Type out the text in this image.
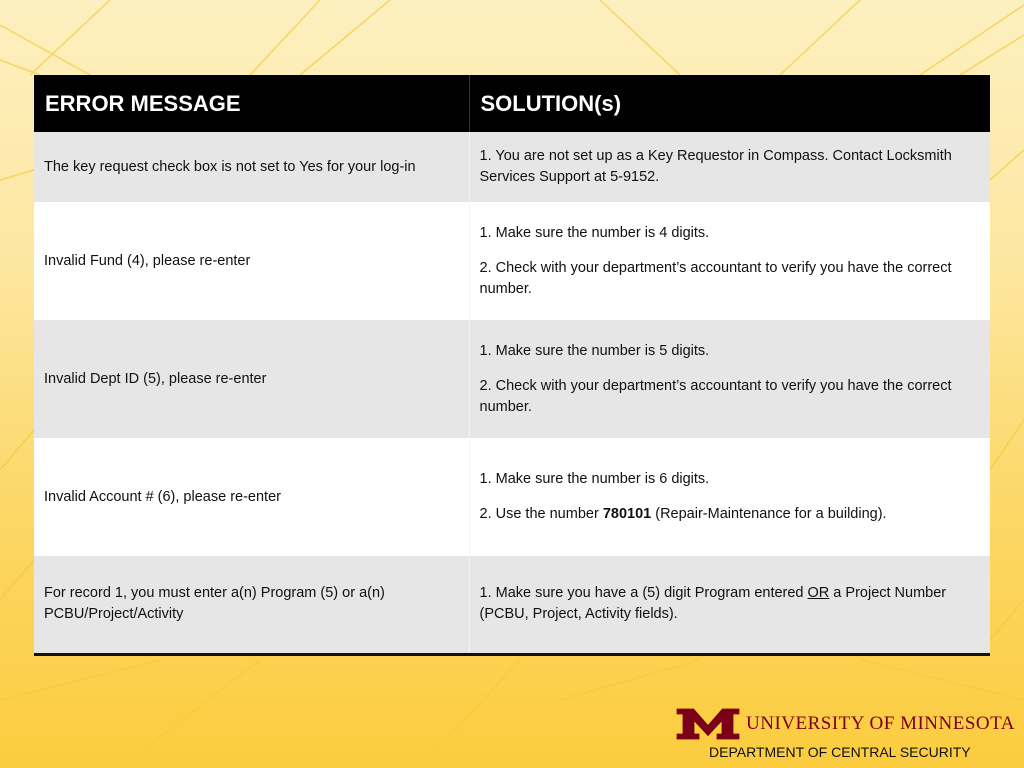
ERROR MESSAGE	SOLUTION(s)
The key request check box is not set to Yes for your log-in	1. You are not set up as a Key Requestor in Compass. Contact Locksmith Services Support at 5-9152.

Invalid Fund (4), please re-enter	1. Make sure the number is 4 digits.

2. Check with your department’s accountant to verify you have the correct number.

Invalid Dept ID (5), please re-enter	1. Make sure the number is 5 digits.

2. Check with your department’s accountant to verify you have the correct number.

Invalid Account # (6), please re-enter	1. Make sure the number is 6 digits.

2. Use the number 780101 (Repair-Maintenance for a building).

For record 1, you must enter a(n) Program (5) or a(n) PCBU/Project/Activity	1. Make sure you have a (5) digit Program entered OR a Project Number (PCBU, Project, Activity fields).

UNIVERSITY OF MINNESOTA
DEPARTMENT OF CENTRAL SECURITY
